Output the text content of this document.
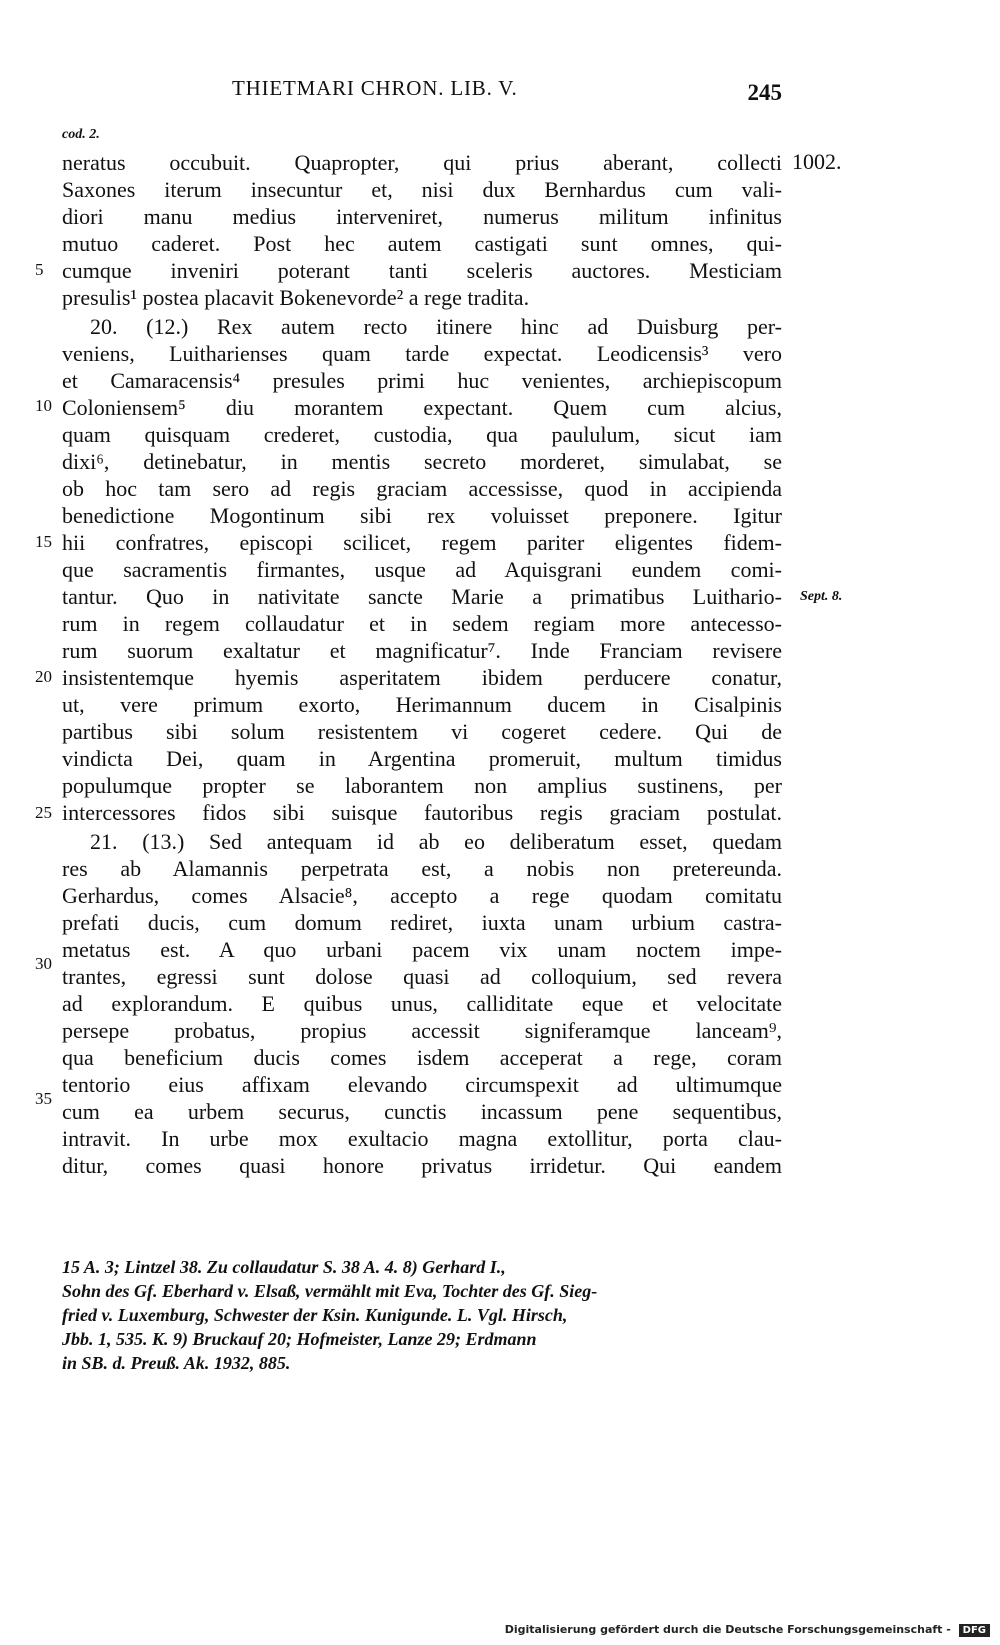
THIETMARI CHRON. LIB. V.	245
cod. 2.
neratus occubuit. Quapropter, qui prius aberant, collecti
Saxones iterum insecuntur et, nisi dux Bernhardus cum vali-
diori manu medius interveniret, numerus militum infinitus
mutuo caderet. Post hec autem castigati sunt omnes, qui-
cumque inveniri poterant tanti sceleris auctores. Mesticiam
presulis¹ postea placavit Bokenevorde² a rege tradita.
20. (12.) Rex autem recto itinere hinc ad Duisburg per-
veniens, Luitharienses quam tarde expectat. Leodicensis³ vero
et Camaracensis⁴ presules primi huc venientes, archiepiscopum
Coloniensem⁵ diu morantem expectant. Quem cum alcius,
quam quisquam crederet, custodia, qua paululum, sicut iam
dixi⁶, detinebatur, in mentis secreto morderet, simulabat, se
ob hoc tam sero ad regis graciam accessisse, quod in accipienda
benedictione Mogontinum sibi rex voluisset preponere. Igitur
hii confratres, episcopi scilicet, regem pariter eligentes fidem-
que sacramentis firmantes, usque ad Aquisgrani eundem comi-
tantur. Quo in nativitate sancte Marie a primatibus Luithario-
rum in regem collaudatur et in sedem regiam more antecesso-
rum suorum exaltatur et magnificatur⁷. Inde Franciam revisere
insistentemque hyemis asperitatem ibidem perducere conatur,
ut, vere primum exorto, Herimannum ducem in Cisalpinis
partibus sibi solum resistentem vi cogeret cedere. Qui de
vindicta Dei, quam in Argentina promeruit, multum timidus
populumque propter se laborantem non amplius sustinens, per
intercessores fidos sibi suisque fautoribus regis graciam postulat.
21. (13.) Sed antequam id ab eo deliberatum esset, quedam
res ab Alamannis perpetrata est, a nobis non pretereunda.
Gerhardus, comes Alsacie⁸, accepto a rege quodam comitatu
prefati ducis, cum domum rediret, iuxta unam urbium castra-
metatus est. A quo urbani pacem vix unam noctem impe-
trantes, egressi sunt dolose quasi ad colloquium, sed revera
ad explorandum. E quibus unus, calliditate eque et velocitate
persepe probatus, propius accessit signiferamque lanceam⁹,
qua beneficium ducis comes isdem acceperat a rege, coram
tentorio eius affixam elevando circumspexit ad ultimumque
cum ea urbem securus, cunctis incassum pene sequentibus,
intravit. In urbe mox exultacio magna extollitur, porta clau-
ditur, comes quasi honore privatus irridetur. Qui eandem
5
10
15
20
25
30
35
1002.
Sept. 8.
15 A. 3; Lintzel 38. Zu collaudatur S. 38 A. 4. 8) Gerhard I.,
Sohn des Gf. Eberhard v. Elsaß, vermählt mit Eva, Tochter des Gf. Sieg-
fried v. Luxemburg, Schwester der Ksin. Kunigunde. L. Vgl. Hirsch,
Jbb. 1, 535. K. 9) Bruckauf 20; Hofmeister, Lanze 29; Erdmann
in SB. d. Preuß. Ak. 1932, 885.
Digitalisierung gefördert durch die Deutsche Forschungsgemeinschaft - DFG
